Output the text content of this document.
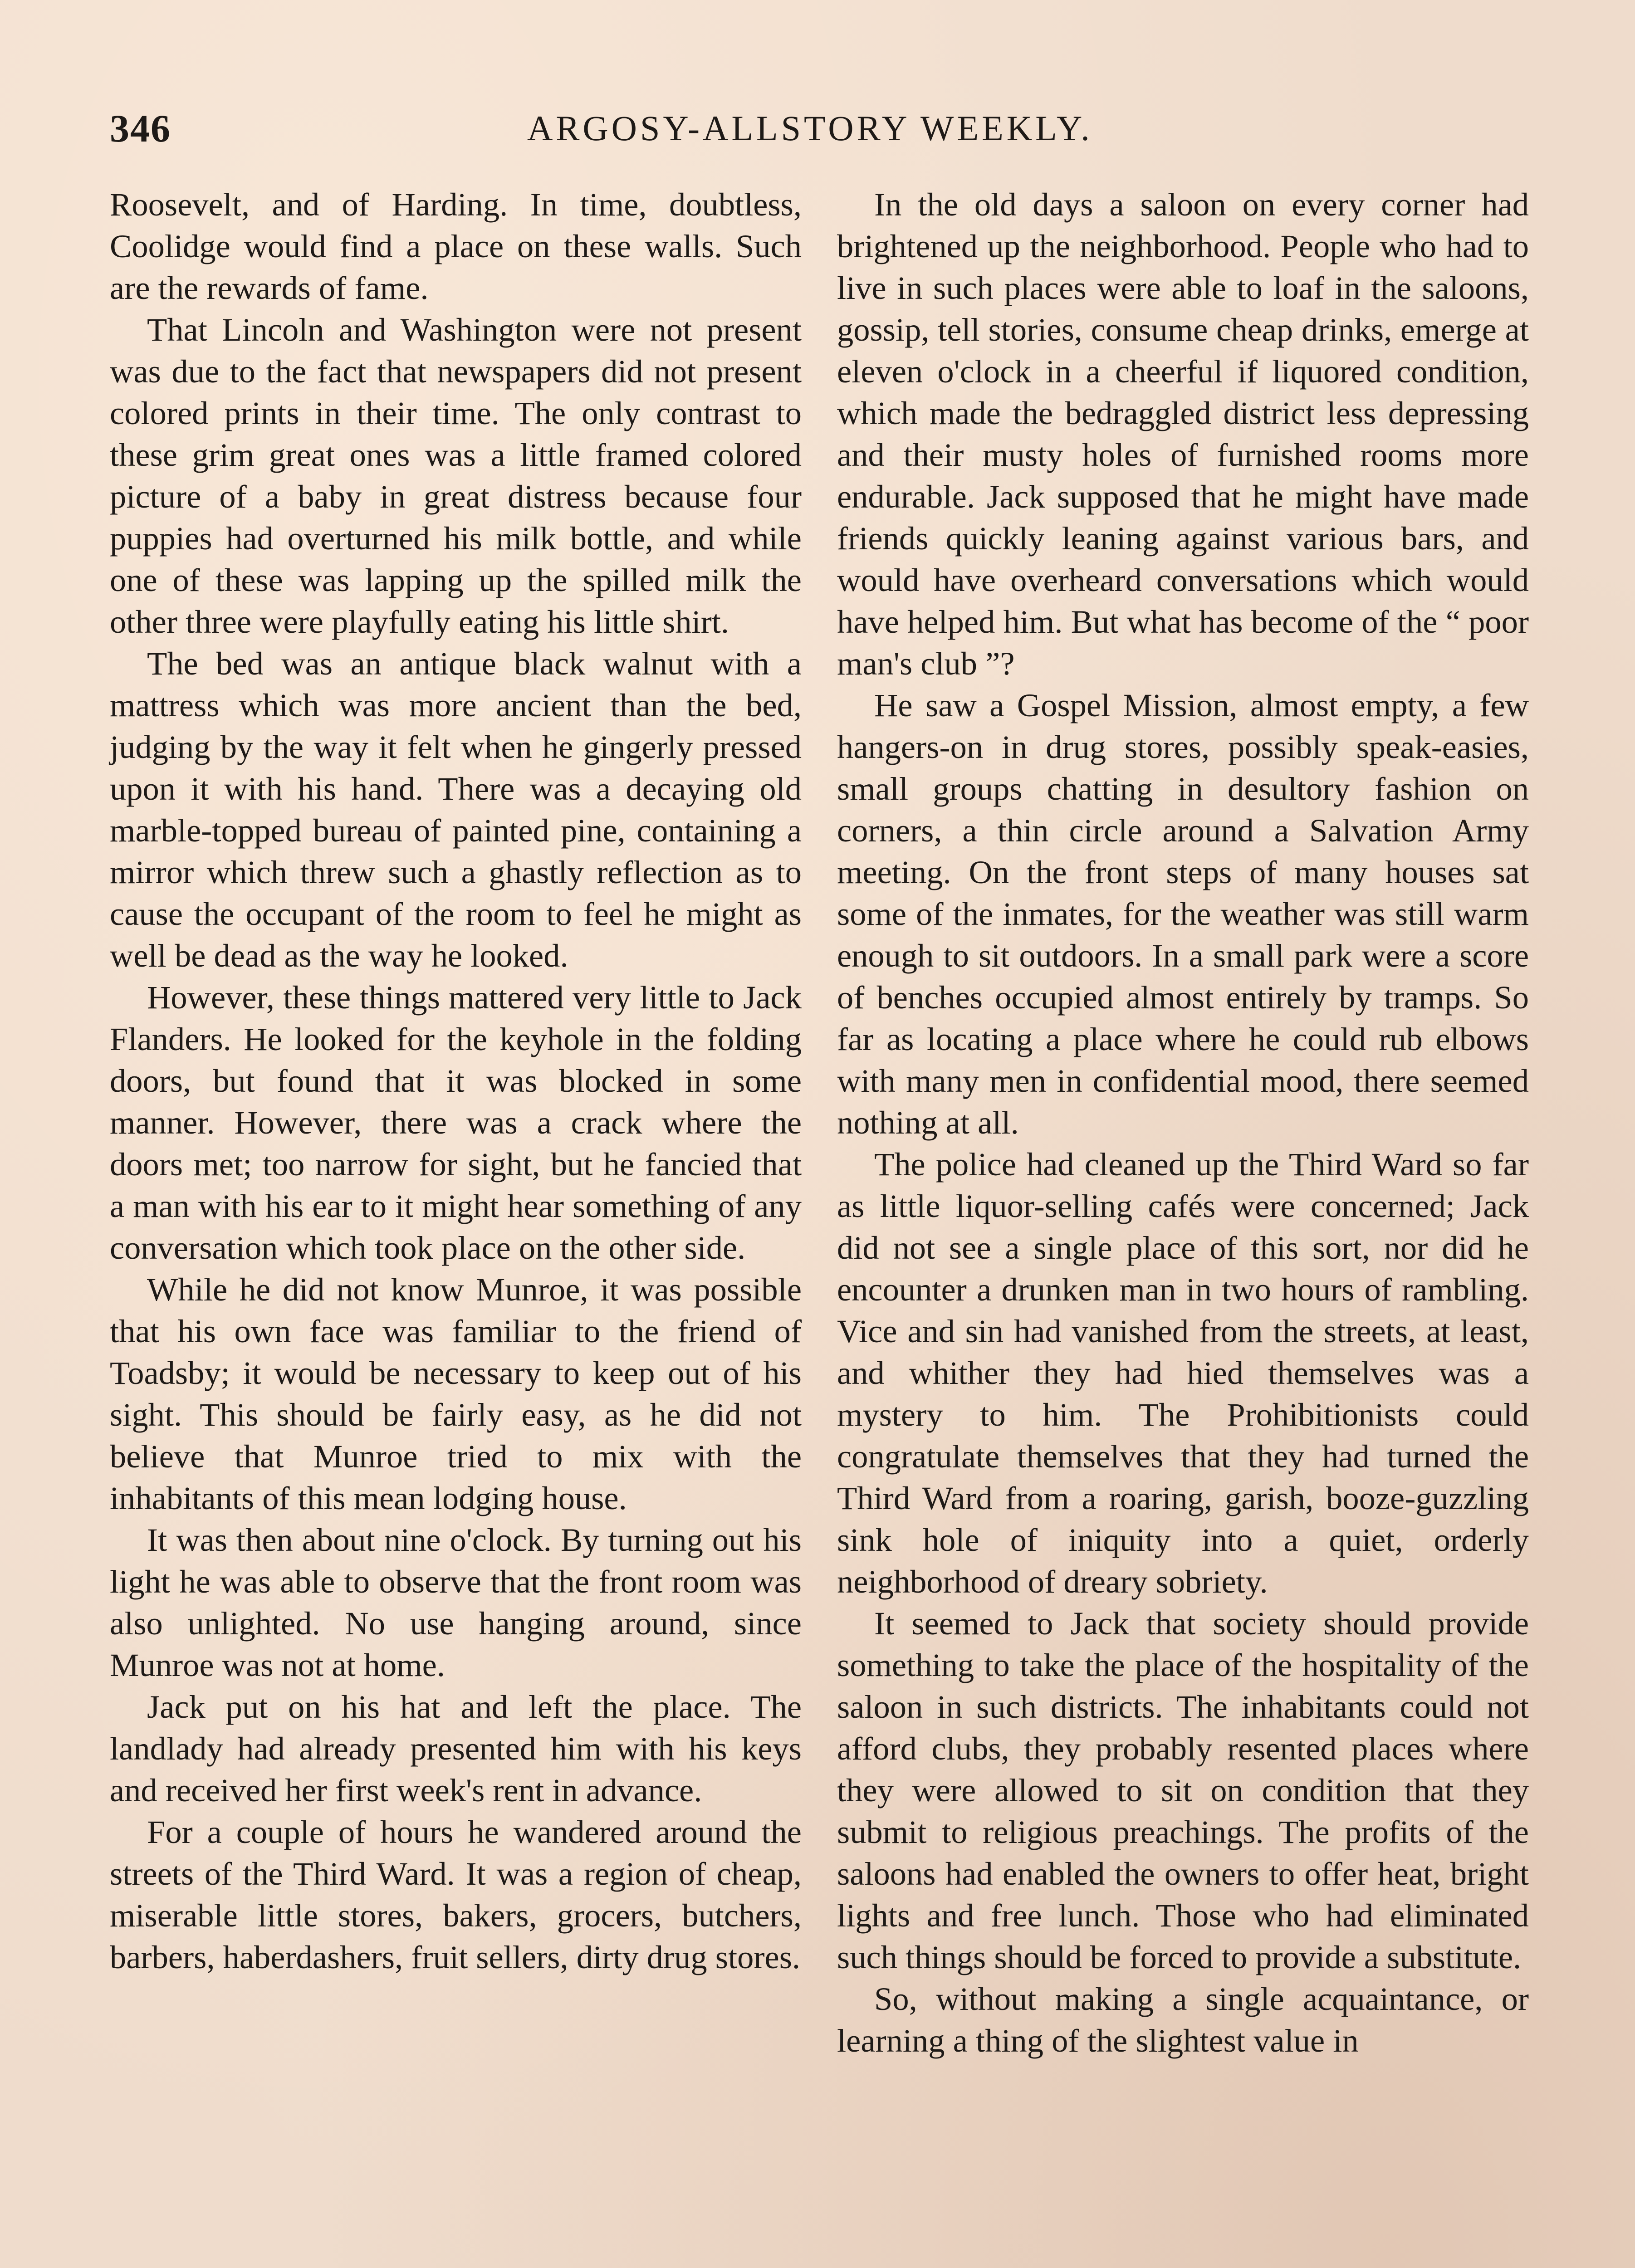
346	ARGOSY-ALLSTORY WEEKLY.

Roosevelt, and of Harding. In time, doubtless, Coolidge would find a place on these walls. Such are the rewards of fame.

That Lincoln and Washington were not present was due to the fact that newspapers did not present colored prints in their time. The only contrast to these grim great ones was a little framed colored picture of a baby in great distress because four puppies had overturned his milk bottle, and while one of these was lapping up the spilled milk the other three were playfully eating his little shirt.

The bed was an antique black walnut with a mattress which was more ancient than the bed, judging by the way it felt when he gingerly pressed upon it with his hand. There was a decaying old marble-topped bureau of painted pine, containing a mirror which threw such a ghastly reflection as to cause the occupant of the room to feel he might as well be dead as the way he looked.

However, these things mattered very little to Jack Flanders. He looked for the keyhole in the folding doors, but found that it was blocked in some manner. However, there was a crack where the doors met; too narrow for sight, but he fancied that a man with his ear to it might hear something of any conversation which took place on the other side.

While he did not know Munroe, it was possible that his own face was familiar to the friend of Toadsby; it would be necessary to keep out of his sight. This should be fairly easy, as he did not believe that Munroe tried to mix with the inhabitants of this mean lodging house.

It was then about nine o'clock. By turning out his light he was able to observe that the front room was also unlighted. No use hanging around, since Munroe was not at home.

Jack put on his hat and left the place. The landlady had already presented him with his keys and received her first week's rent in advance.

For a couple of hours he wandered around the streets of the Third Ward. It was a region of cheap, miserable little stores, bakers, grocers, butchers, barbers, haberdashers, fruit sellers, dirty drug stores.

In the old days a saloon on every corner had brightened up the neighborhood. People who had to live in such places were able to loaf in the saloons, gossip, tell stories, consume cheap drinks, emerge at eleven o'clock in a cheerful if liquored condition, which made the bedraggled district less depressing and their musty holes of furnished rooms more endurable. Jack supposed that he might have made friends quickly leaning against various bars, and would have overheard conversations which would have helped him. But what has become of the “ poor man's club ”?

He saw a Gospel Mission, almost empty, a few hangers-on in drug stores, possibly speak-easies, small groups chatting in desultory fashion on corners, a thin circle around a Salvation Army meeting. On the front steps of many houses sat some of the inmates, for the weather was still warm enough to sit outdoors. In a small park were a score of benches occupied almost entirely by tramps. So far as locating a place where he could rub elbows with many men in confidential mood, there seemed nothing at all.

The police had cleaned up the Third Ward so far as little liquor-selling cafés were concerned; Jack did not see a single place of this sort, nor did he encounter a drunken man in two hours of rambling. Vice and sin had vanished from the streets, at least, and whither they had hied themselves was a mystery to him. The Prohibitionists could congratulate themselves that they had turned the Third Ward from a roaring, garish, booze-guzzling sink hole of iniquity into a quiet, orderly neighborhood of dreary sobriety.

It seemed to Jack that society should provide something to take the place of the hospitality of the saloon in such districts. The inhabitants could not afford clubs, they probably resented places where they were allowed to sit on condition that they submit to religious preachings. The profits of the saloons had enabled the owners to offer heat, bright lights and free lunch. Those who had eliminated such things should be forced to provide a substitute.

So, without making a single acquaintance, or learning a thing of the slightest value in
